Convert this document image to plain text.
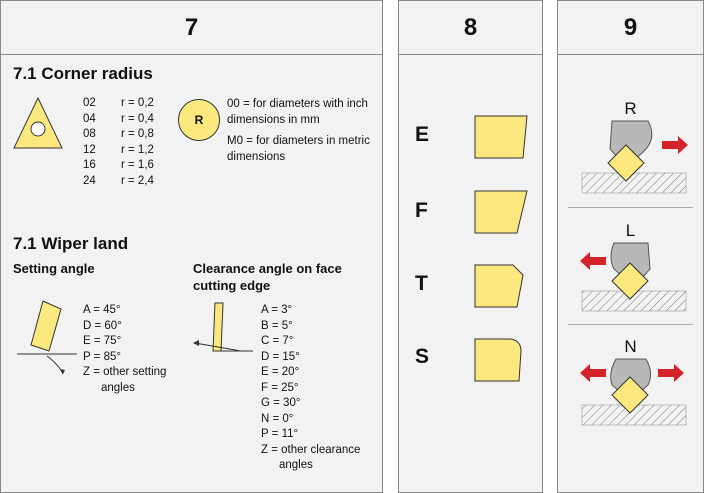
7
7.1 Corner radius
02
04
08
12
16
24
r = 0,2
r = 0,4
r = 0,8
r = 1,2
r = 1,6
r = 2,4
R
00 = for diameters with inch dimensions in mm
M0 = for diameters in metric dimensions
7.1 Wiper land
Setting angle	Clearance angle on face cutting edge
A = 45°
D = 60°
E = 75°
P = 85°
Z = other setting
angles
A = 3°
B = 5°
C = 7°
D = 15°
E = 20°
F = 25°
G = 30°
N = 0°
P = 11°
Z = other clearance
angles
8
E
F
T
S
9
R
L
N
